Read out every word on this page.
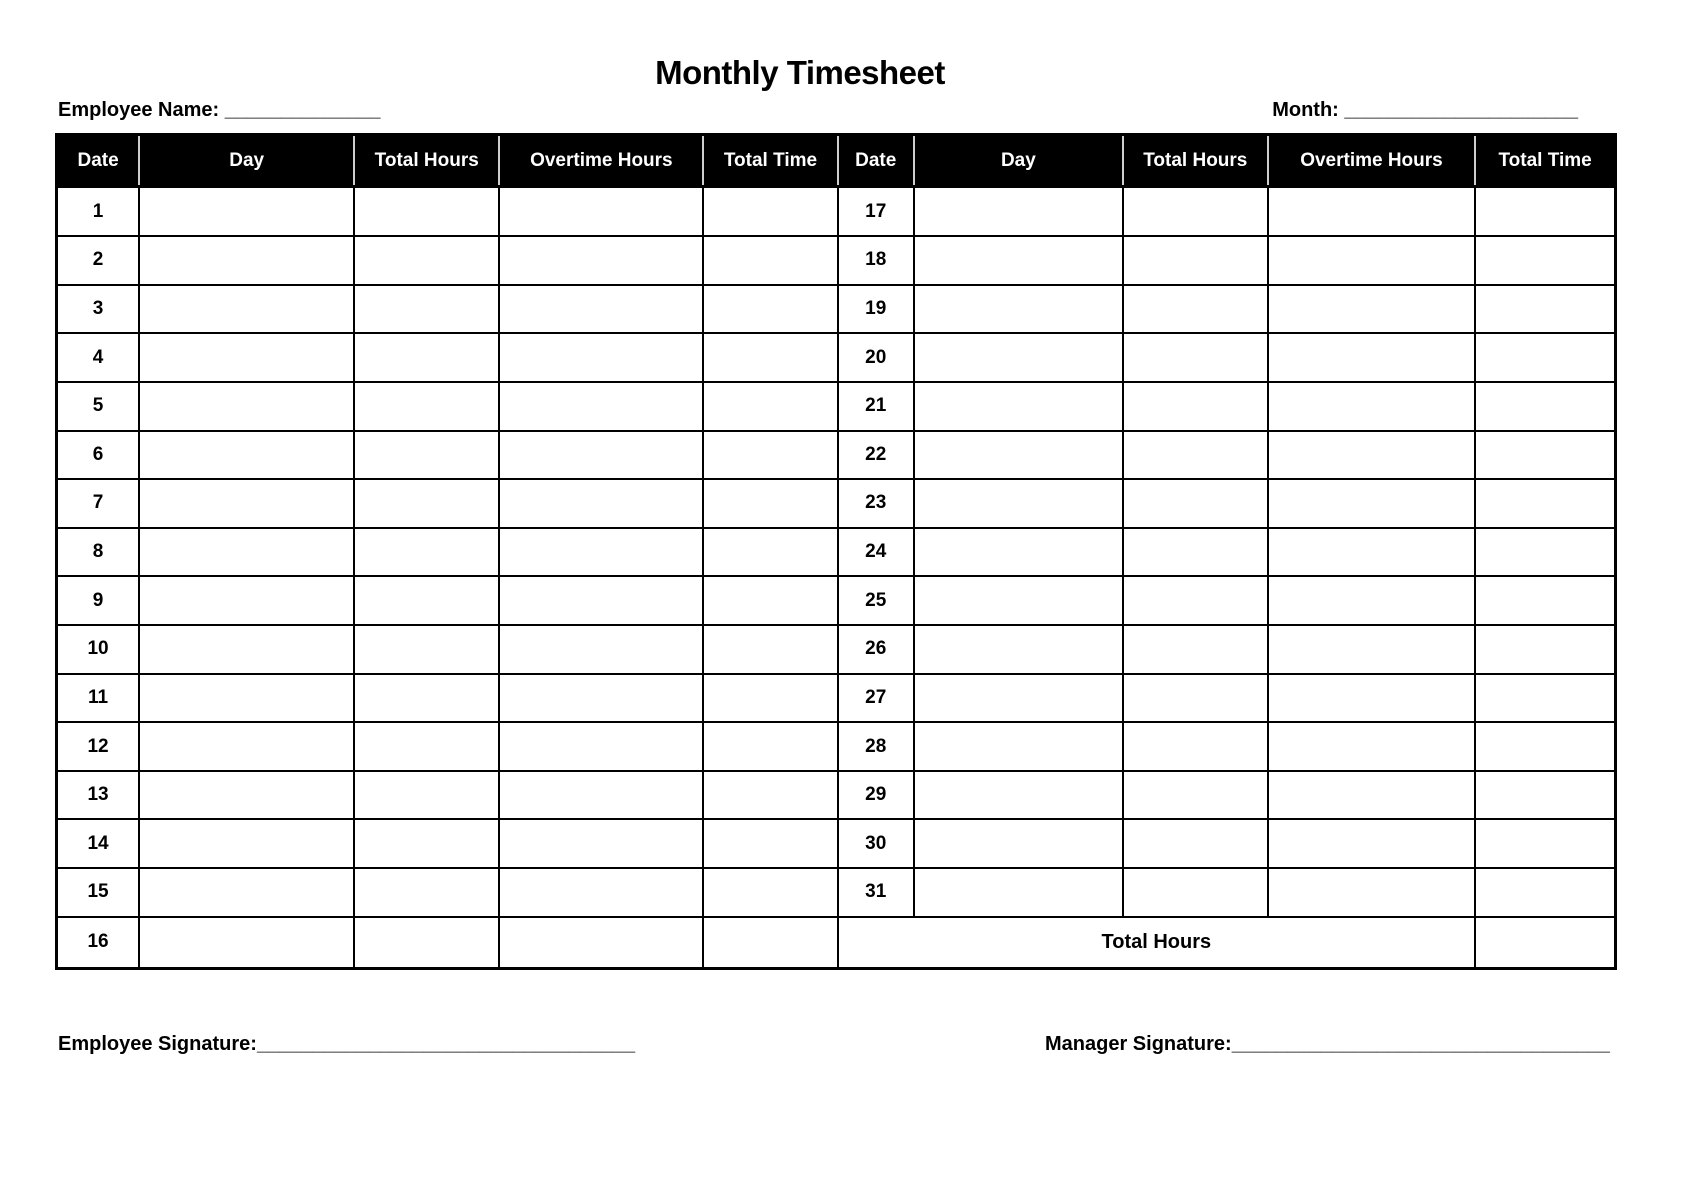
Monthly Timesheet
Employee Name: ______________	Month: _____________________
Date	Day	Total Hours	Overtime Hours	Total Time	Date	Day	Total Hours	Overtime Hours	Total Time
1					17				
2					18				
3					19				
4					20				
5					21				
6					22				
7					23				
8					24				
9					25				
10					26				
11					27				
12					28				
13					29				
14					30				
15					31				
16					Total Hours				
Employee Signature:__________________________________	Manager Signature:__________________________________
